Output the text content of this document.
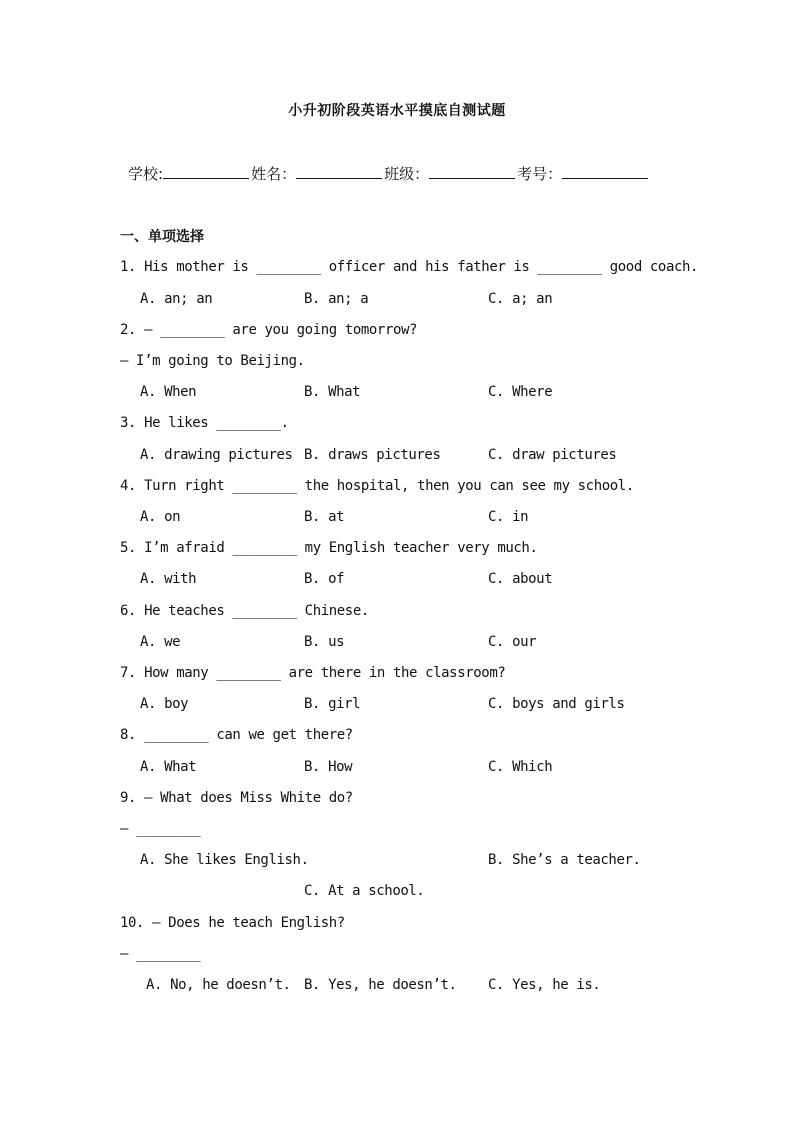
小升初阶段英语水平摸底自测试题
学校:	姓名：	班级：	考号：
一、单项选择
1. His mother is ________ officer and his father is ________ good coach.
A. an; an	B. an; a	C. a; an
2. — ________ are you going tomorrow?
— I’m going to Beijing.
A. When	B. What	C. Where
3. He likes ________.
A. drawing pictures B. draws pictures	C. draw pictures
4. Turn right ________ the hospital, then you can see my school.
A. on	B. at	C. in
5. I’m afraid ________ my English teacher very much.
A. with	B. of	C. about
6. He teaches ________ Chinese.
A. we	B. us	C. our
7. How many ________ are there in the classroom?
A. boy	B. girl	C. boys and girls
8. ________ can we get there?
A. What	B. How	C. Which
9. — What does Miss White do?
— ________
A. She likes English.	B. She’s a teacher.
C. At a school.
10. — Does he teach English?
— ________
A. No, he doesn’t. B. Yes, he doesn’t. C. Yes, he is.
